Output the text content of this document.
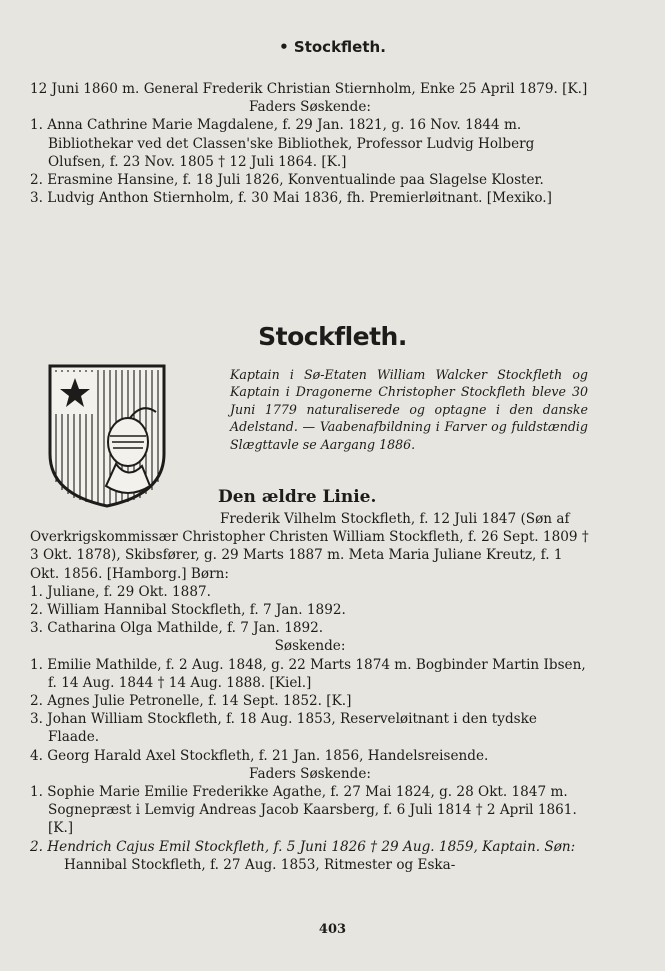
• Stockfleth.

12 Juni 1860 m. General Frederik Christian Stiernholm, Enke 25 April 1879. [K.]

Faders Søskende:

1. Anna Cathrine Marie Magdalene, f. 29 Jan. 1821, g. 16 Nov. 1844 m. Bibliothekar ved det Classen'ske Bibliothek, Professor Ludvig Holberg Olufsen, f. 23 Nov. 1805 † 12 Juli 1864. [K.]

2. Erasmine Hansine, f. 18 Juli 1826, Konventualinde paa Slagelse Kloster.

3. Ludvig Anthon Stiernholm, f. 30 Mai 1836, fh. Premierløitnant. [Mexiko.]

Stockfleth.

Kaptain i Sø-Etaten William Walcker Stockfleth og Kaptain i Dragonerne Christopher Stockfleth bleve 30 Juni 1779 naturaliserede og optagne i den danske Adelstand. — Vaabenafbildning i Farver og fuldstændig Slægttavle se Aargang 1886.

Den ældre Linie.

Frederik Vilhelm Stockfleth, f. 12 Juli 1847 (Søn af Overkrigskommissær Christopher Christen William Stockfleth, f. 26 Sept. 1809 † 3 Okt. 1878), Skibsfører, g. 29 Marts 1887 m. Meta Maria Juliane Kreutz, f. 1 Okt. 1856. [Hamborg.] Børn:

1. Juliane, f. 29 Okt. 1887.

2. William Hannibal Stockfleth, f. 7 Jan. 1892.

3. Catharina Olga Mathilde, f. 7 Jan. 1892.

Søskende:

1. Emilie Mathilde, f. 2 Aug. 1848, g. 22 Marts 1874 m. Bogbinder Martin Ibsen, f. 14 Aug. 1844 † 14 Aug. 1888. [Kiel.]

2. Agnes Julie Petronelle, f. 14 Sept. 1852. [K.]

3. Johan William Stockfleth, f. 18 Aug. 1853, Reserveløitnant i den tydske Flaade.

4. Georg Harald Axel Stockfleth, f. 21 Jan. 1856, Handelsreisende.

Faders Søskende:

1. Sophie Marie Emilie Frederikke Agathe, f. 27 Mai 1824, g. 28 Okt. 1847 m. Sognepræst i Lemvig Andreas Jacob Kaarsberg, f. 6 Juli 1814 † 2 April 1861. [K.]

2. Hendrich Cajus Emil Stockfleth, f. 5 Juni 1826 † 29 Aug. 1859, Kaptain. Søn:

Hannibal Stockfleth, f. 27 Aug. 1853, Ritmester og Eska-

403
